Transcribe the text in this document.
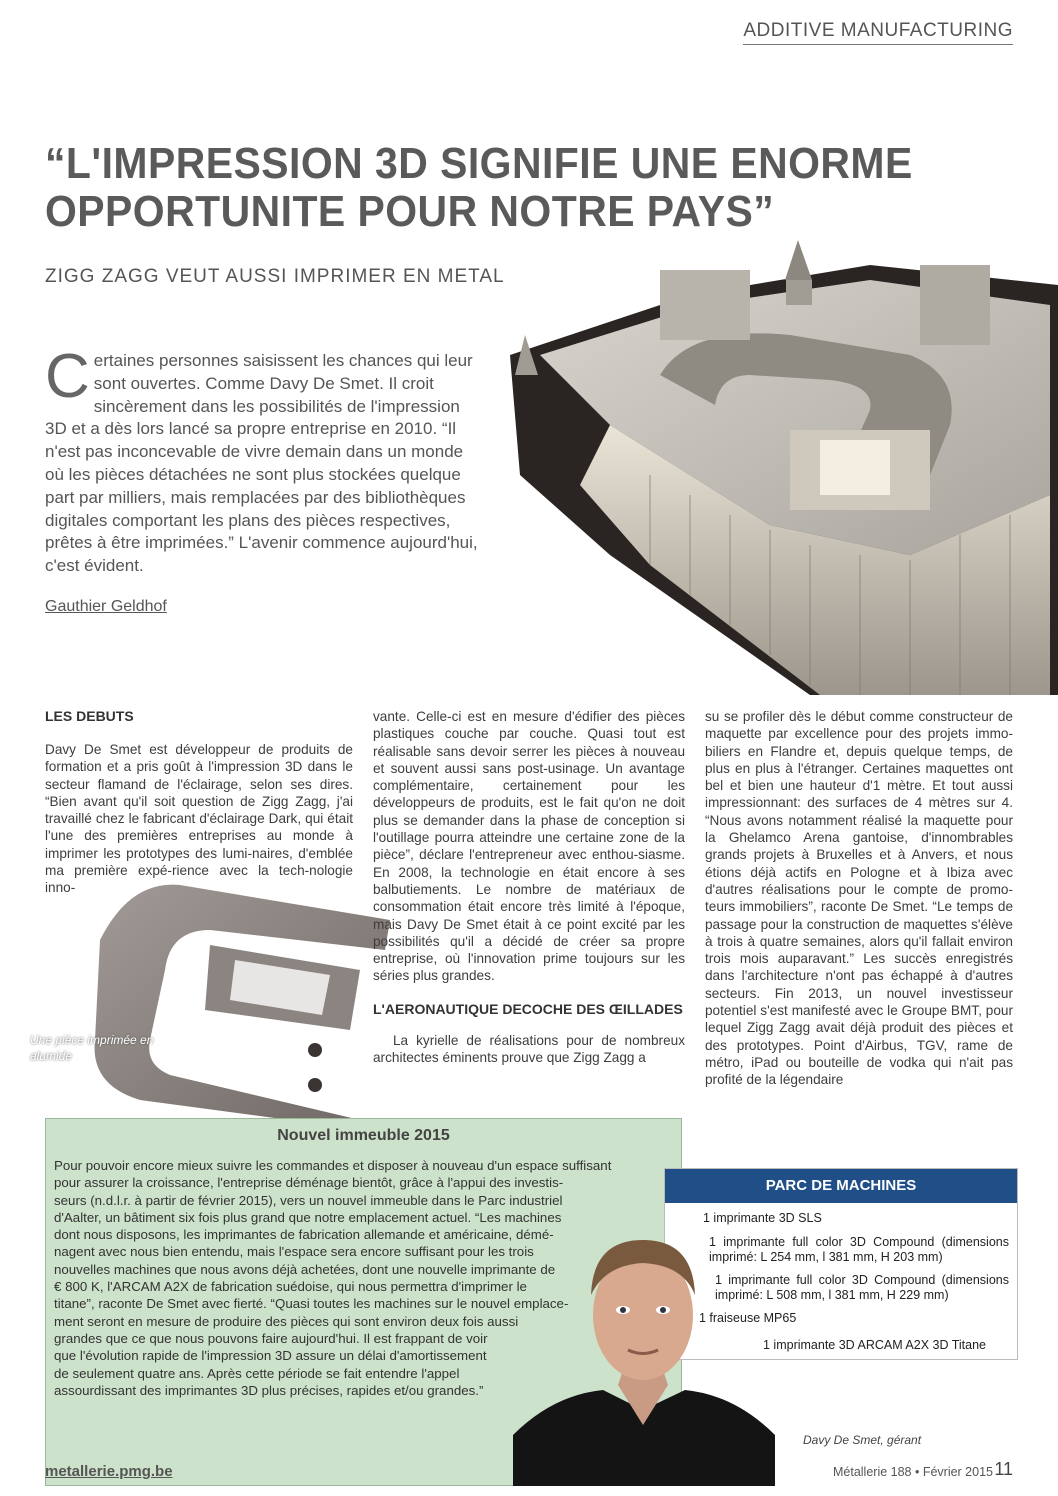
ADDITIVE MANUFACTURING
“L'IMPRESSION 3D SIGNIFIE UNE ENORME
OPPORTUNITE POUR NOTRE PAYS”
ZIGG ZAGG VEUT AUSSI IMPRIMER EN METAL
Certaines personnes saisissent les chances qui leur sont ouvertes. Comme Davy De Smet. Il croit sincèrement dans les possibilités de l'impression 3D et a dès lors lancé sa propre entreprise en 2010. “Il n'est pas inconcevable de vivre demain dans un monde où les pièces détachées ne sont plus stockées quelque part par milliers, mais remplacées par des bibliothèques digitales comportant les plans des pièces respectives, prêtes à être imprimées.” L'avenir commence aujourd'hui, c'est évident.
Gauthier Geldhof
LES DEBUTS

Davy De Smet est développeur de produits de formation et a pris goût à l'impression 3D dans le secteur flamand de l'éclairage, selon ses dires. “Bien avant qu'il soit question de Zigg Zagg, j'ai travaillé chez le fabricant d'éclairage Dark, qui était l'une des premières entreprises au monde à imprimer les prototypes des lumi-naires, d'emblée ma première expé-rience avec la tech-nologie inno-

Une pièce imprimée en alumide

vante. Celle-ci est en mesure d'édifier des pièces plastiques couche par couche. Quasi tout est réalisable sans devoir serrer les pièces à nouveau et souvent aussi sans post-usinage. Un avantage complémentaire, certainement pour les développeurs de produits, est le fait qu'on ne doit plus se demander dans la phase de conception si l'outillage pourra atteindre une certaine zone de la pièce”, déclare l'entrepreneur avec enthou-siasme. En 2008, la technologie en était encore à ses balbutiements. Le nombre de matériaux de consommation était encore très limité à l'époque, mais Davy De Smet était à ce point excité par les possibilités qu'il a décidé de créer sa propre entreprise, où l'innovation prime toujours sur les séries plus grandes.

L'AERONAUTIQUE DECOCHE DES ŒILLADES

La kyrielle de réalisations pour de nombreux architectes éminents prouve que Zigg Zagg a

su se profiler dès le début comme constructeur de maquette par excellence pour des projets immo-biliers en Flandre et, depuis quelque temps, de plus en plus à l'étranger. Certaines maquettes ont bel et bien une hauteur d'1 mètre. Et tout aussi impressionnant: des surfaces de 4 mètres sur 4. “Nous avons notamment réalisé la maquette pour la Ghelamco Arena gantoise, d'innombrables grands projets à Bruxelles et à Anvers, et nous étions déjà actifs en Pologne et à Ibiza avec d'autres réalisations pour le compte de promo-teurs immobiliers”, raconte De Smet. “Le temps de passage pour la construction de maquettes s'élève à trois à quatre semaines, alors qu'il fallait environ trois mois auparavant.” Les succès enregistrés dans l'architecture n'ont pas échappé à d'autres secteurs. Fin 2013, un nouvel investisseur potentiel s'est manifesté avec le Groupe BMT, pour lequel Zigg Zagg avait déjà produit des pièces et des prototypes. Point d'Airbus, TGV, rame de métro, iPad ou bouteille de vodka qui n'ait pas profité de la légendaire

Nouvel immeuble 2015
Pour pouvoir encore mieux suivre les commandes et disposer à nouveau d'un espace suffisant
pour assurer la croissance, l'entreprise déménage bientôt, grâce à l'appui des investis-
seurs (n.d.l.r. à partir de février 2015), vers un nouvel immeuble dans le Parc industriel
d'Aalter, un bâtiment six fois plus grand que notre emplacement actuel. “Les machines
dont nous disposons, les imprimantes de fabrication allemande et américaine, démé-
nagent avec nous bien entendu, mais l'espace sera encore suffisant pour les trois
nouvelles machines que nous avons déjà achetées, dont une nouvelle imprimante de
€ 800 K, l'ARCAM A2X de fabrication suédoise, qui nous permettra d'imprimer le
titane”, raconte De Smet avec fierté. “Quasi toutes les machines sur le nouvel emplace-
ment seront en mesure de produire des pièces qui sont environ deux fois aussi
grandes que ce que nous pouvons faire aujourd'hui. Il est frappant de voir
que l'évolution rapide de l'impression 3D assure un délai d'amortissement
de seulement quatre ans. Après cette période se fait entendre l'appel
assourdissant des imprimantes 3D plus précises, rapides et/ou grandes.”
PARC DE MACHINES
1 imprimante 3D SLS
1 imprimante full color 3D Compound (dimensions imprimé: L 254 mm, l 381 mm, H 203 mm)
1 imprimante full color 3D Compound (dimensions imprimé: L 508 mm, l 381 mm, H 229 mm)
1 fraiseuse MP65
1 imprimante 3D ARCAM A2X 3D Titane
Davy De Smet, gérant
metallerie.pmg.be	Métallerie 188 • Février 2015 11
